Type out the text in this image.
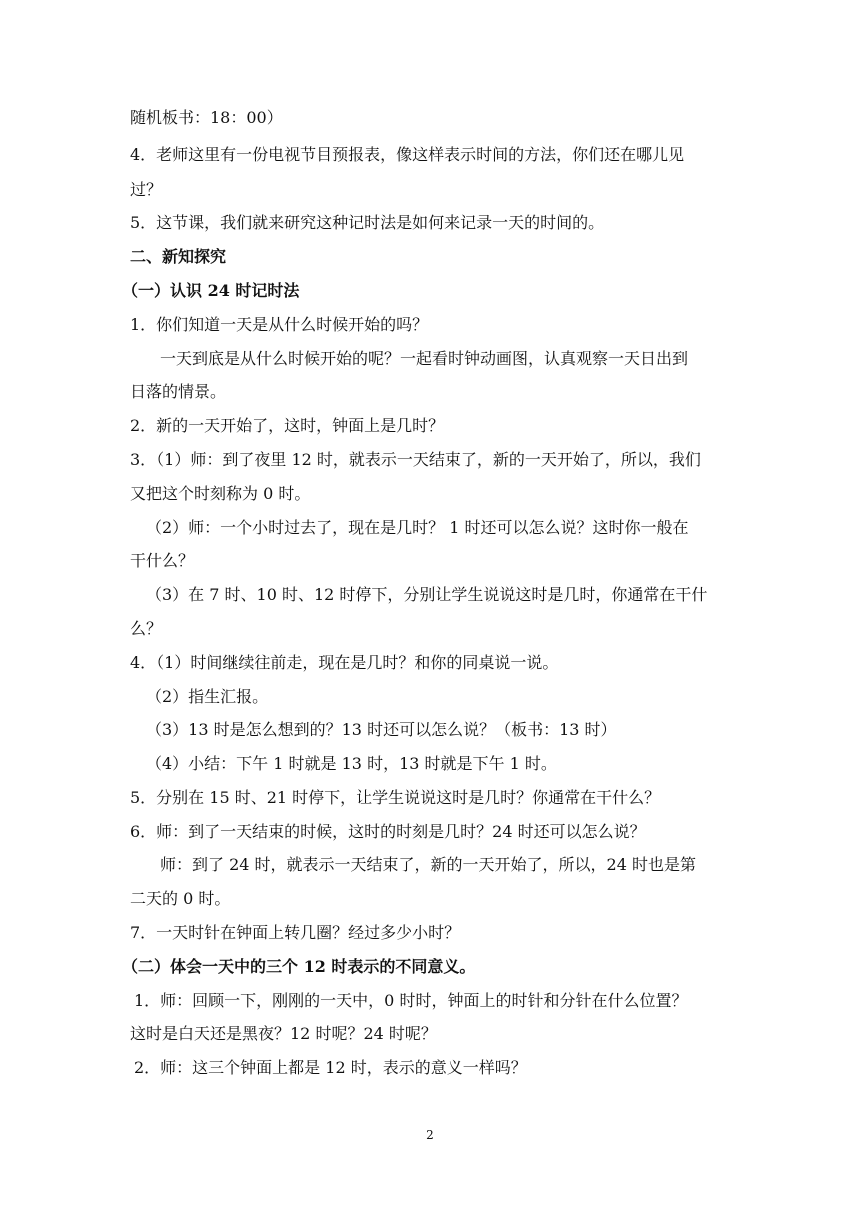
随机板书：18：00）
4．老师这里有一份电视节目预报表，像这样表示时间的方法，你们还在哪儿见
过？
5．这节课，我们就来研究这种记时法是如何来记录一天的时间的。
二、新知探究
（一）认识 24 时记时法
1．你们知道一天是从什么时候开始的吗？
一天到底是从什么时候开始的呢？一起看时钟动画图，认真观察一天日出到
日落的情景。
2．新的一天开始了，这时，钟面上是几时？
3．（1）师：到了夜里 12 时，就表示一天结束了，新的一天开始了，所以，我们
又把这个时刻称为 0 时。
（2）师：一个小时过去了，现在是几时？ 1 时还可以怎么说？这时你一般在
干什么？
（3）在 7 时、10 时、12 时停下，分别让学生说说这时是几时，你通常在干什
么？
4．（1）时间继续往前走，现在是几时？和你的同桌说一说。
（2）指生汇报。
（3）13 时是怎么想到的？13 时还可以怎么说？（板书：13 时）
（4）小结：下午 1 时就是 13 时，13 时就是下午 1 时。
5．分别在 15 时、21 时停下，让学生说说这时是几时？你通常在干什么？
6．师：到了一天结束的时候，这时的时刻是几时？24 时还可以怎么说？
师：到了 24 时，就表示一天结束了，新的一天开始了，所以，24 时也是第
二天的 0 时。
7．一天时针在钟面上转几圈？经过多少小时？
（二）体会一天中的三个 12 时表示的不同意义。
1．师：回顾一下，刚刚的一天中，0 时时，钟面上的时针和分针在什么位置？
这时是白天还是黑夜？12 时呢？24 时呢？
2．师：这三个钟面上都是 12 时，表示的意义一样吗？
2
